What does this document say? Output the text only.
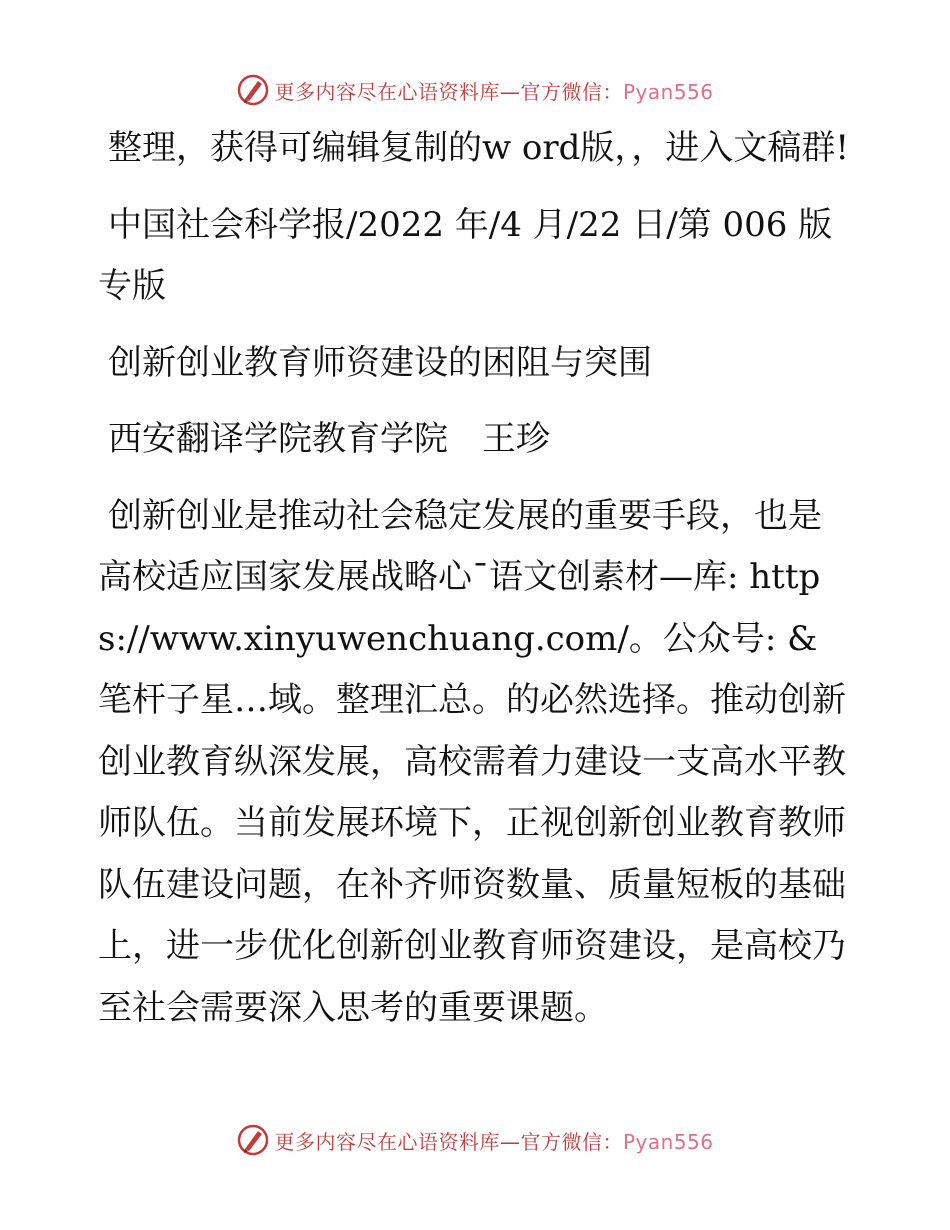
更多内容尽在心语资料库—官方微信：Pyan556

整理，获得可编辑复制的w ord版，，进入文稿群!

中国社会科学报/2022 年/4 月/22 日/第 006 版专版

创新创业教育师资建设的困阻与突围

西安翻译学院教育学院　王珍

创新创业是推动社会稳定发展的重要手段，也是高校适应国家发展战略心¯语文创素材—库: https://www.xinyuwenchuang.com/。公众号: &笔杆子星…域。整理汇总。的必然选择。推动创新创业教育纵深发展，高校需着力建设一支高水平教师队伍。当前发展环境下，正视创新创业教育教师队伍建设问题，在补齐师资数量、质量短板的基础上，进一步优化创新创业教育师资建设，是高校乃至社会需要深入思考的重要课题。

更多内容尽在心语资料库—官方微信：Pyan556
